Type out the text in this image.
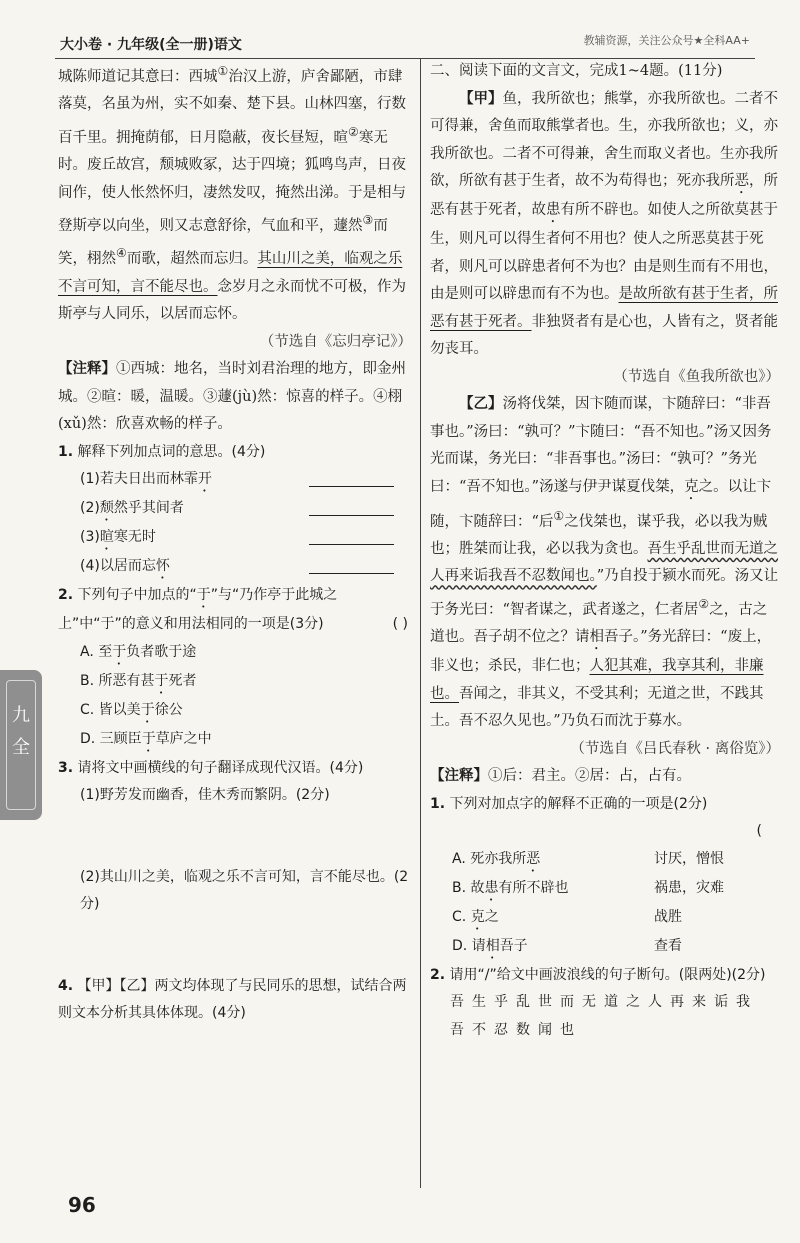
大小卷 · 九年级(全一册)语文	教辅资源，关注公众号★全科AA+
九
全

城陈师道记其意曰：西城①治汉上游，庐舍鄙陋，市肆落莫，名虽为州，实不如秦、楚下县。山林四塞，行数百千里。拥掩荫郁，日月隐蔽，夜长昼短，暄②寒无时。废丘故宫，颓城败冢，达于四境；狐鸣鸟声，日夜间作，使人怅然怀归，凄然发叹，掩然出涕。于是相与登斯亭以向坐，则又志意舒徐，气血和平，蘧然③而笑，栩然④而歌，超然而忘归。其山川之美，临观之乐不言可知，言不能尽也。念岁月之永而忧不可极，作为斯亭与人同乐，以居而忘怀。

（节选自《忘归亭记》）

【注释】①西城：地名，当时刘君治理的地方，即金州城。②暄：暖，温暖。③蘧(jù)然：惊喜的样子。④栩(xǔ)然：欣喜欢畅的样子。

1. 解释下列加点词的意思。(4分)
(1)若夫日出而林霏开
(2)颓然乎其间者
(3)暄寒无时
(4)以居而忘怀
2. 下列句子中加点的“于”与“乃作亭于此城之上”中“于”的意义和用法相同的一项是(3分)	( )
A. 至于负者歌于途
B. 所恶有甚于死者
C. 皆以美于徐公
D. 三顾臣于草庐之中
3. 请将文中画横线的句子翻译成现代汉语。(4分)
(1)野芳发而幽香，佳木秀而繁阴。(2分)
(2)其山川之美，临观之乐不言可知，言不能尽也。(2分)
4. 【甲】【乙】两文均体现了与民同乐的思想，试结合两则文本分析其具体体现。(4分)

二、阅读下面的文言文，完成1~4题。(11分)

【甲】鱼，我所欲也；熊掌，亦我所欲也。二者不可得兼，舍鱼而取熊掌者也。生，亦我所欲也；义，亦我所欲也。二者不可得兼，舍生而取义者也。生亦我所欲，所欲有甚于生者，故不为苟得也；死亦我所恶，所恶有甚于死者，故患有所不辟也。如使人之所欲莫甚于生，则凡可以得生者何不用也？使人之所恶莫甚于死者，则凡可以辟患者何不为也？由是则生而有不用也，由是则可以辟患而有不为也。是故所欲有甚于生者，所恶有甚于死者。非独贤者有是心也，人皆有之，贤者能勿丧耳。

（节选自《鱼我所欲也》）

【乙】汤将伐桀，因卞随而谋，卞随辞曰：“非吾事也。”汤曰：“孰可？”卞随曰：“吾不知也。”汤又因务光而谋，务光曰：“非吾事也。”汤曰：“孰可？”务光曰：“吾不知也。”汤遂与伊尹谋夏伐桀，克之。以让卞随，卞随辞曰：“后①之伐桀也，谋乎我，必以我为贼也；胜桀而让我，必以我为贪也。吾生乎乱世而无道之人再来诟我吾不忍数闻也。”乃自投于颍水而死。汤又让于务光曰：“智者谋之，武者遂之，仁者居②之，古之道也。吾子胡不位之？请相吾子。”务光辞曰：“废上，非义也；杀民，非仁也；人犯其难，我享其利，非廉也。吾闻之，非其义，不受其利；无道之世，不践其土。吾不忍久见也。”乃负石而沈于募水。

（节选自《吕氏春秋 · 离俗览》）

【注释】①后：君主。②居：占，占有。

1. 下列对加点字的解释不正确的一项是(2分)
(
A. 死亦我所恶	讨厌，憎恨
B. 故患有所不辟也	祸患，灾难
C. 克之	战胜
D. 请相吾子	查看
2. 请用“/”给文中画波浪线的句子断句。(限两处)(2分)
吾生乎乱世而无道之人再来诟我
吾不忍数闻也
96
